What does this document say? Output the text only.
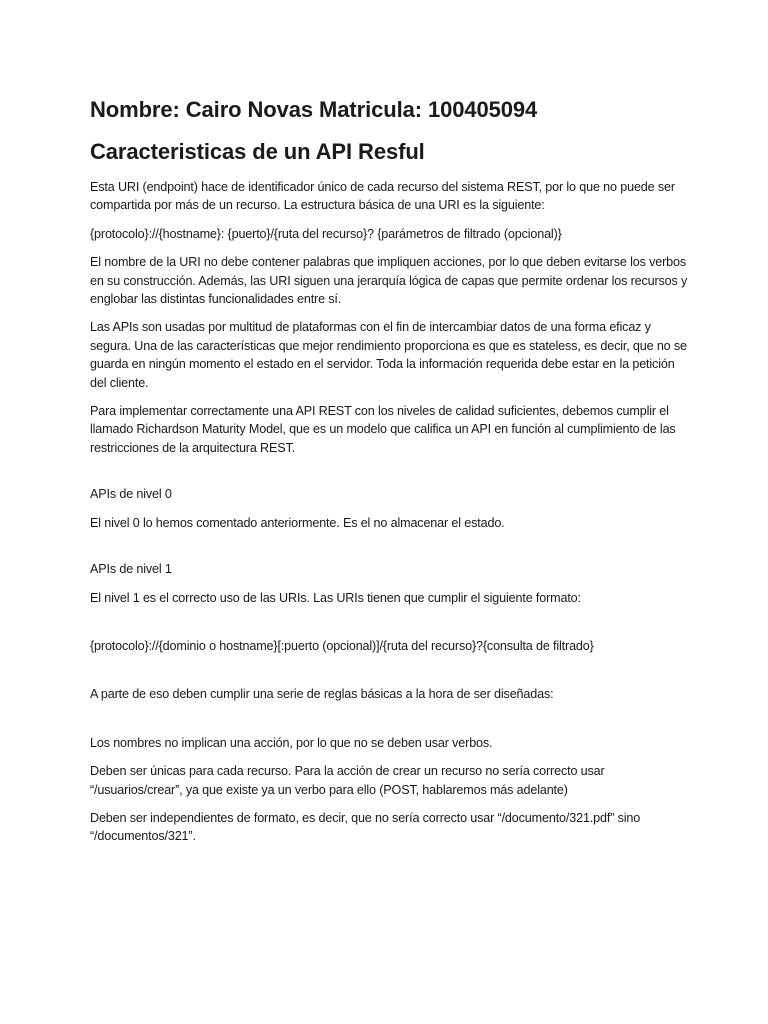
Nombre: Cairo Novas Matricula: 100405094
Caracteristicas de un API Resful

Esta URI (endpoint) hace de identificador único de cada recurso del sistema REST, por lo que no puede ser compartida por más de un recurso. La estructura básica de una URI es la siguiente:

{protocolo}://{hostname}: {puerto}/{ruta del recurso}? {parámetros de filtrado (opcional)}

El nombre de la URI no debe contener palabras que impliquen acciones, por lo que deben evitarse los verbos en su construcción. Además, las URI siguen una jerarquía lógica de capas que permite ordenar los recursos y englobar las distintas funcionalidades entre sí.

Las APIs son usadas por multitud de plataformas con el fin de intercambiar datos de una forma eficaz y segura. Una de las características que mejor rendimiento proporciona es que es stateless, es decir, que no se guarda en ningún momento el estado en el servidor. Toda la información requerida debe estar en la petición del cliente.

Para implementar correctamente una API REST con los niveles de calidad suficientes, debemos cumplir el llamado Richardson Maturity Model, que es un modelo que califica un API en función al cumplimiento de las restricciones de la arquitectura REST.

APIs de nivel 0

El nivel 0 lo hemos comentado anteriormente. Es el no almacenar el estado.

APIs de nivel 1

El nivel 1 es el correcto uso de las URIs. Las URIs tienen que cumplir el siguiente formato:

{protocolo}://{dominio o hostname}[:puerto (opcional)]/{ruta del recurso}?{consulta de filtrado}

A parte de eso deben cumplir una serie de reglas básicas a la hora de ser diseñadas:

Los nombres no implican una acción, por lo que no se deben usar verbos.

Deben ser únicas para cada recurso. Para la acción de crear un recurso no sería correcto usar “/usuarios/crear”, ya que existe ya un verbo para ello (POST, hablaremos más adelante)

Deben ser independientes de formato, es decir, que no sería correcto usar “/documento/321.pdf” sino “/documentos/321”.
